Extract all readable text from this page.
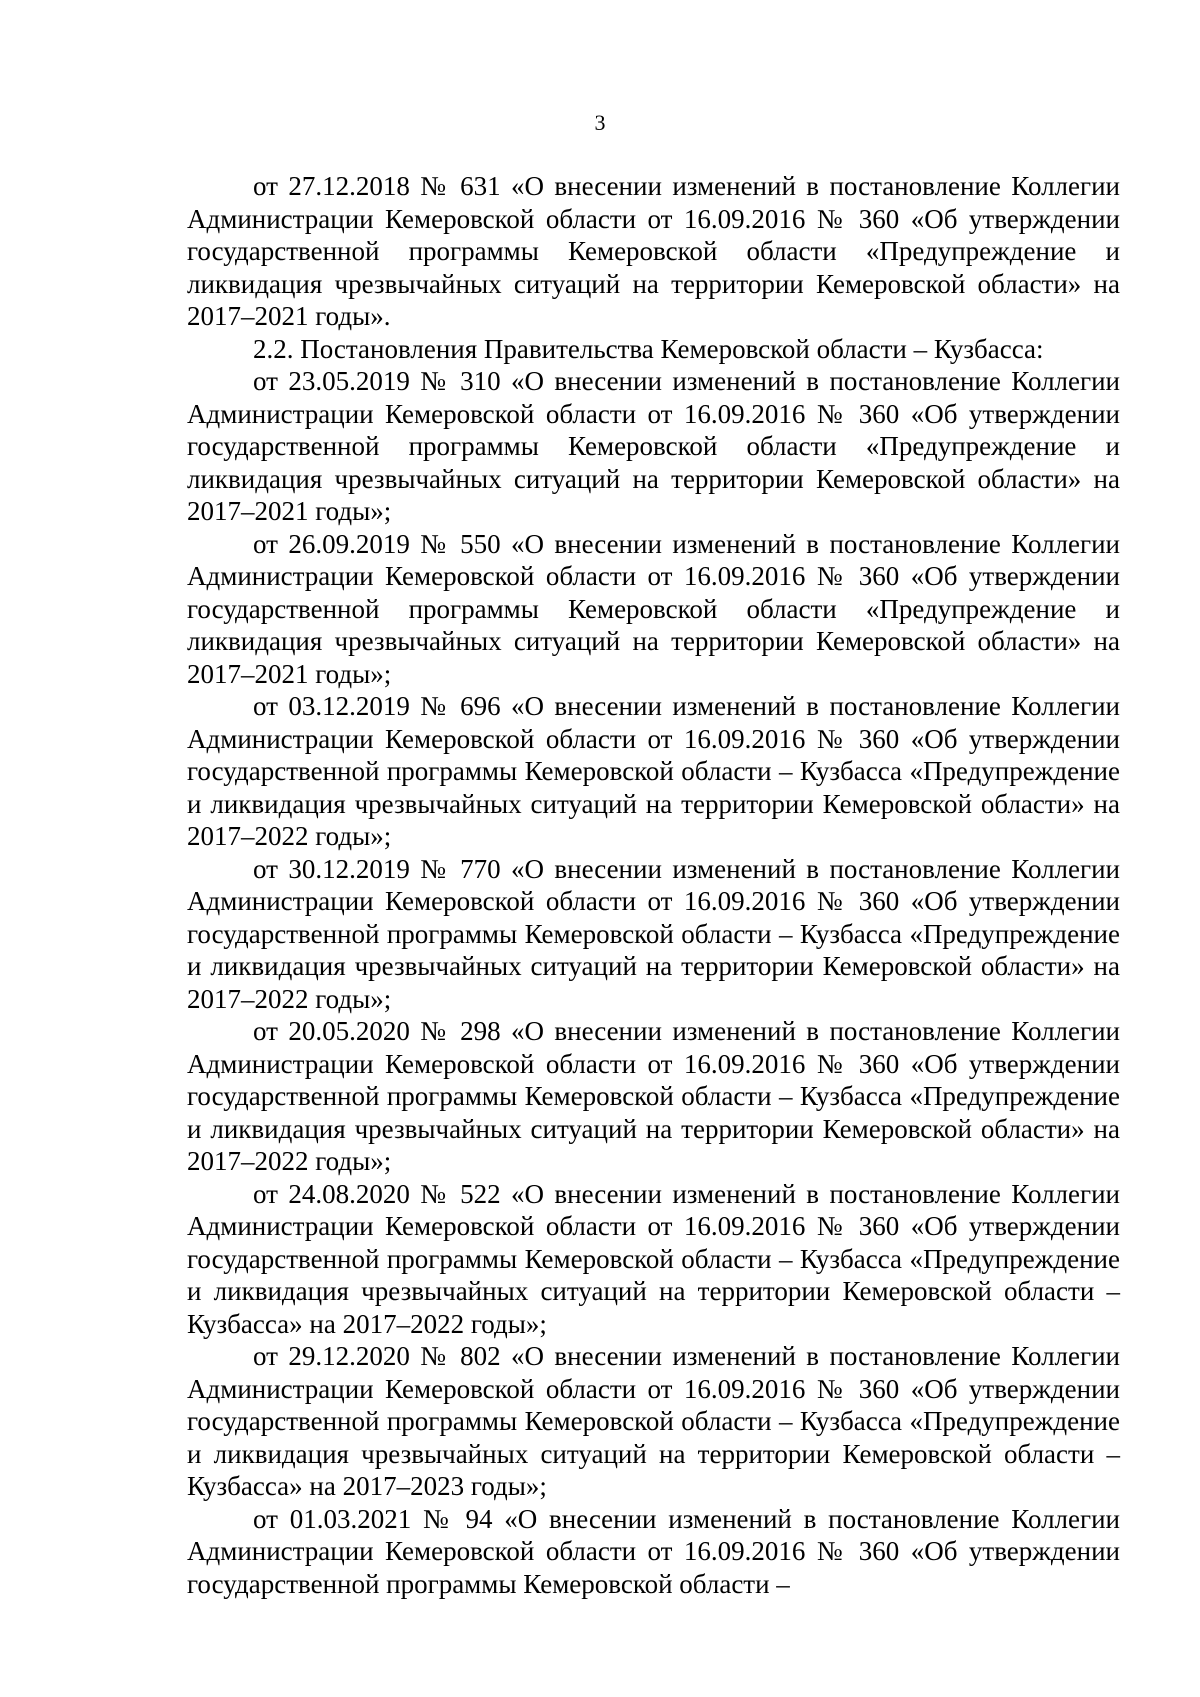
3

от 27.12.2018 № 631 «О внесении изменений в постановление Коллегии Администрации Кемеровской области от 16.09.2016 № 360 «Об утверждении государственной программы Кемеровской области «Предупреждение и ликвидация чрезвычайных ситуаций на территории Кемеровской области» на 2017–2021 годы».

2.2. Постановления Правительства Кемеровской области – Кузбасса:

от 23.05.2019 № 310 «О внесении изменений в постановление Коллегии Администрации Кемеровской области от 16.09.2016 № 360 «Об утверждении государственной программы Кемеровской области «Предупреждение и ликвидация чрезвычайных ситуаций на территории Кемеровской области» на 2017–2021 годы»;

от 26.09.2019 № 550 «О внесении изменений в постановление Коллегии Администрации Кемеровской области от 16.09.2016 № 360 «Об утверждении государственной программы Кемеровской области «Предупреждение и ликвидация чрезвычайных ситуаций на территории Кемеровской области» на 2017–2021 годы»;

от 03.12.2019 № 696 «О внесении изменений в постановление Коллегии Администрации Кемеровской области от 16.09.2016 № 360 «Об утверждении государственной программы Кемеровской области – Кузбасса «Предупреждение и ликвидация чрезвычайных ситуаций на территории Кемеровской области» на 2017–2022 годы»;

от 30.12.2019 № 770 «О внесении изменений в постановление Коллегии Администрации Кемеровской области от 16.09.2016 № 360 «Об утверждении государственной программы Кемеровской области – Кузбасса «Предупреждение и ликвидация чрезвычайных ситуаций на территории Кемеровской области» на 2017–2022 годы»;

от 20.05.2020 № 298 «О внесении изменений в постановление Коллегии Администрации Кемеровской области от 16.09.2016 № 360 «Об утверждении государственной программы Кемеровской области – Кузбасса «Предупреждение и ликвидация чрезвычайных ситуаций на территории Кемеровской области» на 2017–2022 годы»;

от 24.08.2020 № 522 «О внесении изменений в постановление Коллегии Администрации Кемеровской области от 16.09.2016 № 360 «Об утверждении государственной программы Кемеровской области – Кузбасса «Предупреждение и ликвидация чрезвычайных ситуаций на территории Кемеровской области – Кузбасса» на 2017–2022 годы»;

от 29.12.2020 № 802 «О внесении изменений в постановление Коллегии Администрации Кемеровской области от 16.09.2016 № 360 «Об утверждении государственной программы Кемеровской области – Кузбасса «Предупреждение и ликвидация чрезвычайных ситуаций на территории Кемеровской области – Кузбасса» на 2017–2023 годы»;

от 01.03.2021 № 94 «О внесении изменений в постановление Коллегии Администрации Кемеровской области от 16.09.2016 № 360 «Об утверждении государственной программы Кемеровской области –
